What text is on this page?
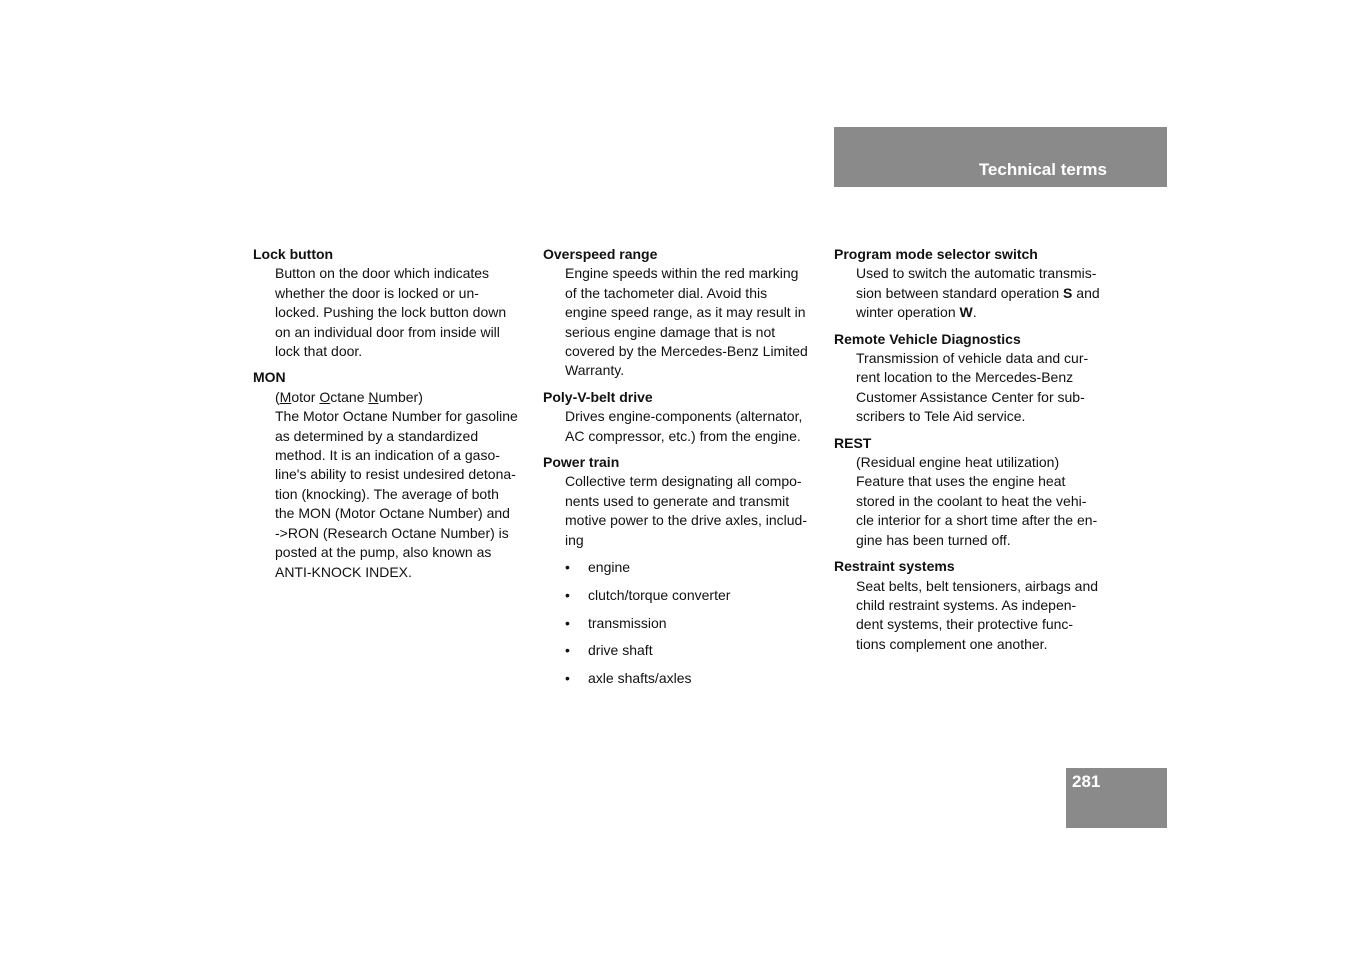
Technical terms

Lock button

Button on the door which indicates
whether the door is locked or un-
locked. Pushing the lock button down
on an individual door from inside will
lock that door.

MON

(Motor Octane Number)
The Motor Octane Number for gasoline
as determined by a standardized
method. It is an indication of a gaso-
line's ability to resist undesired detona-
tion (knocking). The average of both
the MON (Motor Octane Number) and
->RON (Research Octane Number) is
posted at the pump, also known as
ANTI-KNOCK INDEX.

Overspeed range

Engine speeds within the red marking
of the tachometer dial. Avoid this
engine speed range, as it may result in
serious engine damage that is not
covered by the Mercedes-Benz Limited
Warranty.

Poly-V-belt drive

Drives engine-components (alternator,
AC compressor, etc.) from the engine.

Power train

Collective term designating all compo-
nents used to generate and transmit
motive power to the drive axles, includ-
ing

• engine
• clutch/torque converter
• transmission
• drive shaft
• axle shafts/axles

Program mode selector switch

Used to switch the automatic transmis-
sion between standard operation S and
winter operation W.

Remote Vehicle Diagnostics

Transmission of vehicle data and cur-
rent location to the Mercedes-Benz
Customer Assistance Center for sub-
scribers to Tele Aid service.

REST

(Residual engine heat utilization)
Feature that uses the engine heat
stored in the coolant to heat the vehi-
cle interior for a short time after the en-
gine has been turned off.

Restraint systems

Seat belts, belt tensioners, airbags and
child restraint systems. As indepen-
dent systems, their protective func-
tions complement one another.

281
